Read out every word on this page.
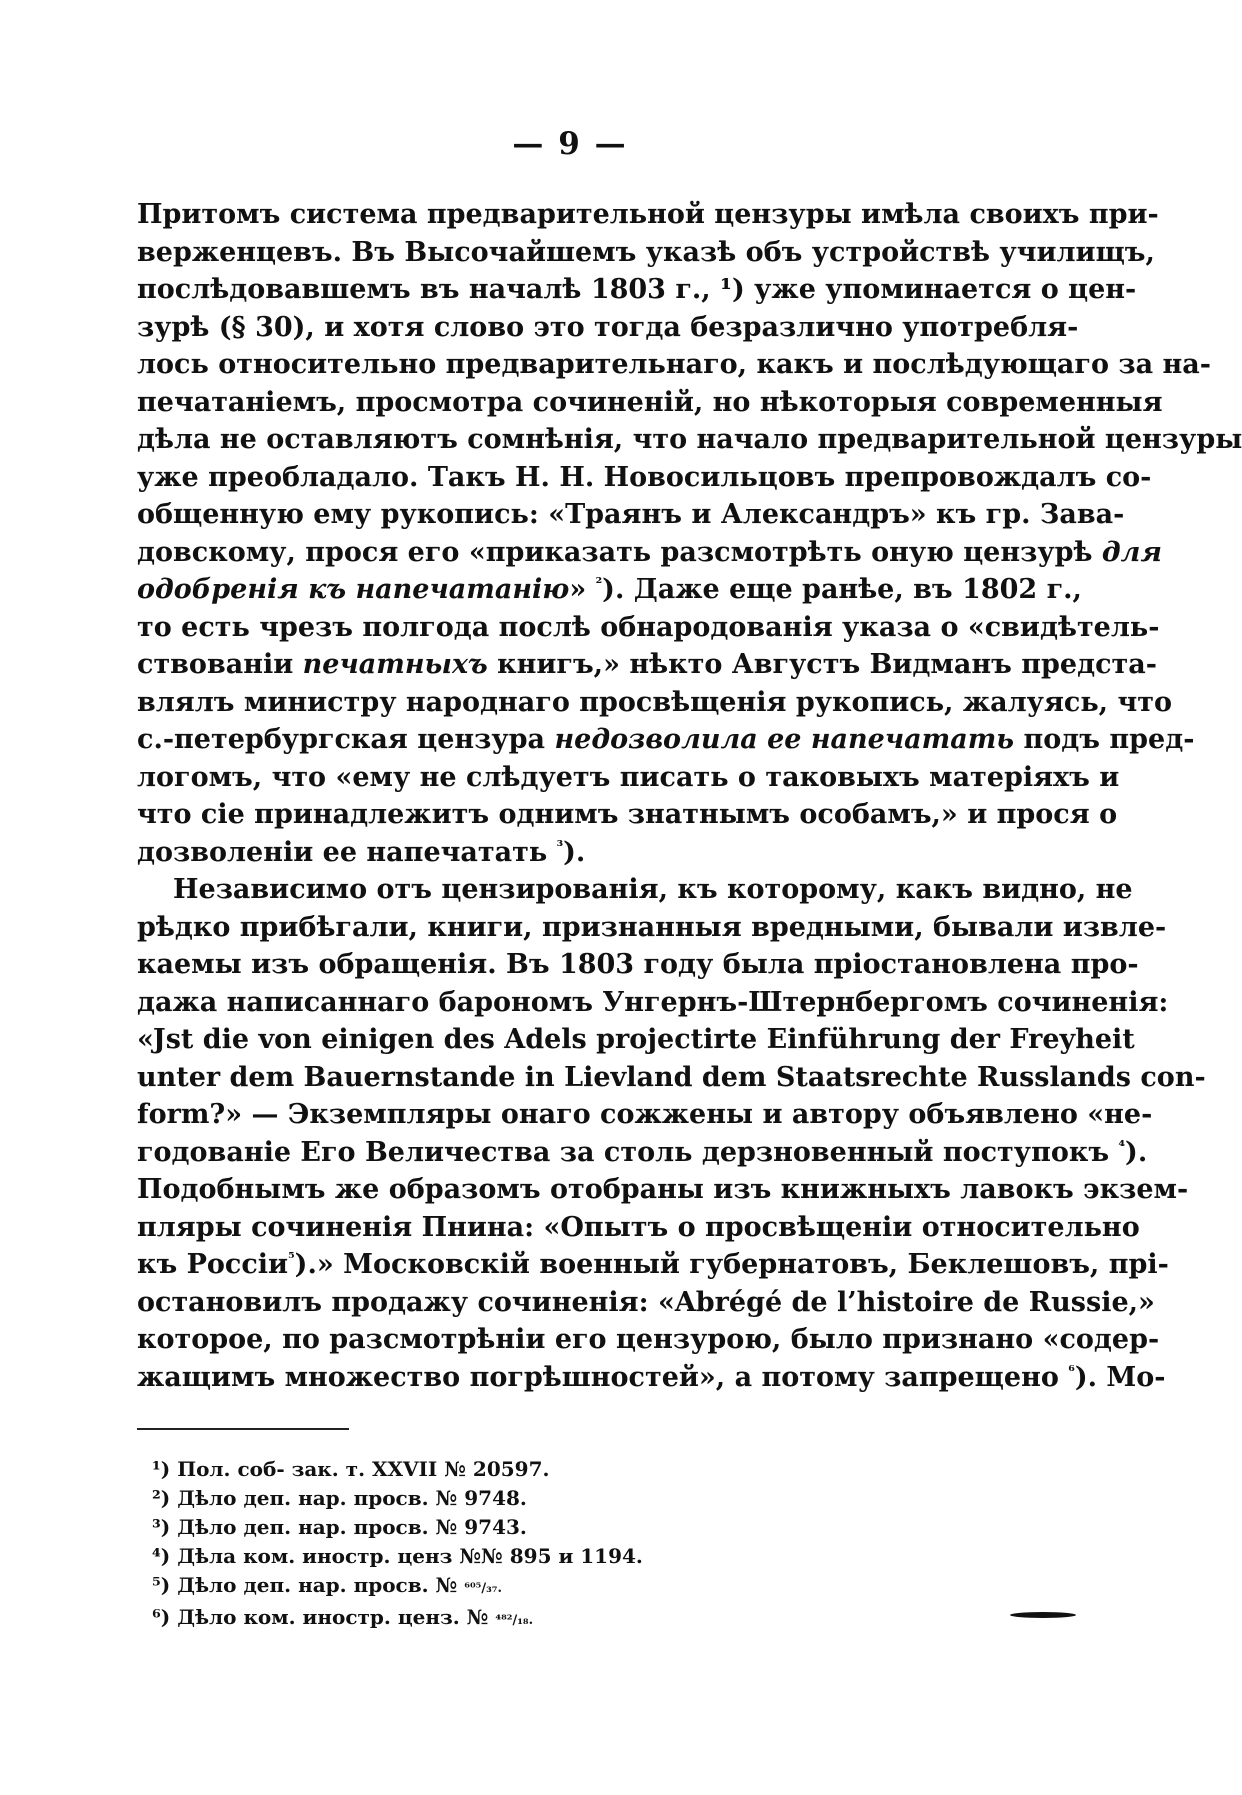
— 9 —
Притомъ система предварительной цензуры имѣла своихъ при-
верженцевъ. Въ Высочайшемъ указѣ объ устройствѣ училищъ,
послѣдовавшемъ въ началѣ 1803 г., ¹) уже упоминается о цен-
зурѣ (§ 30), и хотя слово это тогда безразлично употребля-
лось относительно предварительнаго, какъ и послѣдующаго за на-
печатаніемъ, просмотра сочиненій, но нѣкоторыя современныя
дѣла не оставляютъ сомнѣнія, что начало предварительной цензуры
уже преобладало. Такъ Н. Н. Новосильцовъ препровождалъ со-
общенную ему рукопись: «Траянъ и Александръ» къ гр. Зава-
довскому, прося его «приказать разсмотрѣть оную цензурѣ для
одобренія къ напечатанію» $^{^2}$). Даже еще ранѣе, въ 1802 г.,
то есть чрезъ полгода послѣ обнародованія указа о «свидѣтель-
ствованіи печатныхъ книгъ,» нѣкто Августъ Видманъ предста-
влялъ министру народнаго просвѣщенія рукопись, жалуясь, что
с.-петербургская цензура недозволила ее напечатать подъ пред-
логомъ, что «ему не слѣдуетъ писать о таковыхъ матеріяхъ и
что сіе принадлежитъ однимъ знатнымъ особамъ,» и прося о
дозволеніи ее напечатать $^{^3}$).
Независимо отъ цензированія, къ которому, какъ видно, не
рѣдко прибѣгали, книги, признанныя вредными, бывали извле-
каемы изъ обращенія. Въ 1803 году была пріостановлена про-
дажа написаннаго барономъ Унгернъ-Штернбергомъ сочиненія:
«Jst die von einigen des Adels projectirte Einführung der Freyheit
unter dem Bauernstande in Lievland dem Staatsrechte Russlands con-
form?» — Экземпляры онаго сожжены и автору объявлено «не-
годованіе Его Величества за столь дерзновенный поступокъ $^{^4}$).
Подобнымъ же образомъ отобраны изъ книжныхъ лавокъ экзем-
пляры сочиненія Пнина: «Опытъ о просвѣщеніи относительно
къ Россіи$^{^5}$).» Московскій военный губернатовъ, Беклешовъ, прі-
остановилъ продажу сочиненія: «Abrégé de l’histoire de Russie,»
которое, по разсмотрѣніи его цензурою, было признано «содер-
жащимъ множество погрѣшностей», а потому запрещено $^{^6}$). Мо-
¹) Пол. соб- зак. т. XXVII № 20597.
²) Дѣло деп. нар. просв. № 9748.
³) Дѣло деп. нар. просв. № 9743.
⁴) Дѣла ком. иностр. ценз №№ 895 и 1194.
⁵) Дѣло деп. нар. просв. № ⁶⁰⁵/₃₇.
⁶) Дѣло ком. иностр. ценз. № ⁴⁸²/₁₈.
